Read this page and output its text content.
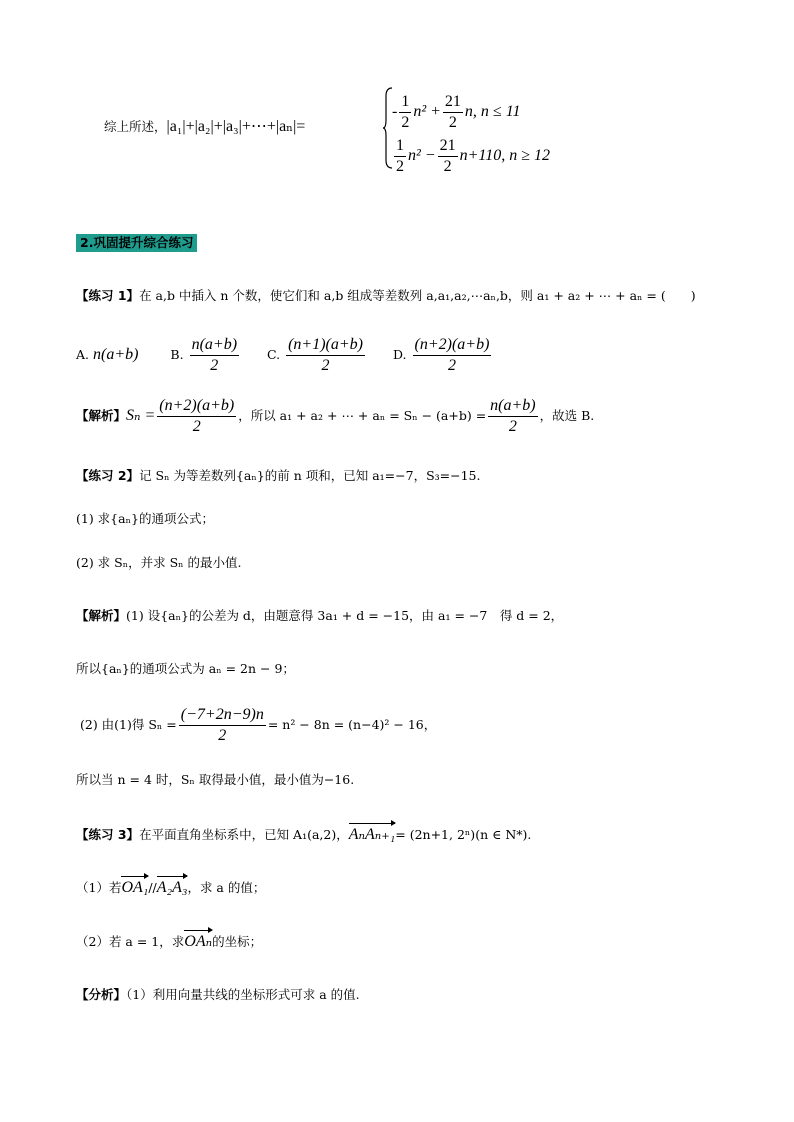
综上所述，|a₁|+|a₂|+|a₃|+⋯+|aₙ|=
- $\frac{1}{2} n^2 + \frac{21}{2} n$, n ≤ 11
$\frac{1}{2} n^2 - \frac{21}{2} n+110$, n ≥ 12
2.巩固提升综合练习
【练习 1】在 a,b 中插入 n 个数，使它们和 a,b 组成等差数列 a,a₁,a₂,⋯aₙ,b，则 a₁ + a₂ + ⋯ + aₙ = (　　)
A. n(a+b)	B. $\frac{n(a+b)}{2} C$. $\frac{(n+1)(a+b)}{2} D$. $\frac{(n+2)(a+b)}{2}$
【解析】$S_n = \frac{(n+2)(a+b)}{2}$ ，所以 a₁ + a₂ + ⋯ + $a_n = S_n - (a+b) = \frac{n(a+b)}{2}$ ，故选 B.
【练习 2】记 Sₙ 为等差数列{aₙ}的前 n 项和，已知 a₁=−7，S₃=−15.
(1) 求{aₙ}的通项公式；
(2) 求 Sₙ，并求 Sₙ 的最小值.
【解析】(1) 设{aₙ}的公差为 d，由题意得 3a₁ + d = −15，由 a₁ = −7　得 d = 2，
所以{aₙ}的通项公式为 aₙ = 2n − 9；
(2) 由(1)得 $S_n = \frac{(-7+2n-9)n}{2} = n^2 - 8n = (n-4)^2 - 16$，
所以当 n = 4 时，Sₙ 取得最小值，最小值为−16.
【练习 3】在平面直角坐标系中，已知 A₁(a,2)，AₙAₙ₊₁= (2n+1, 2ⁿ)(n ∈ N*).
（1）若OA₁//A₂A₃，求 a 的值；
（2）若 a = 1，求OAₙ的坐标；
【分析】（1）利用向量共线的坐标形式可求 a 的值.
